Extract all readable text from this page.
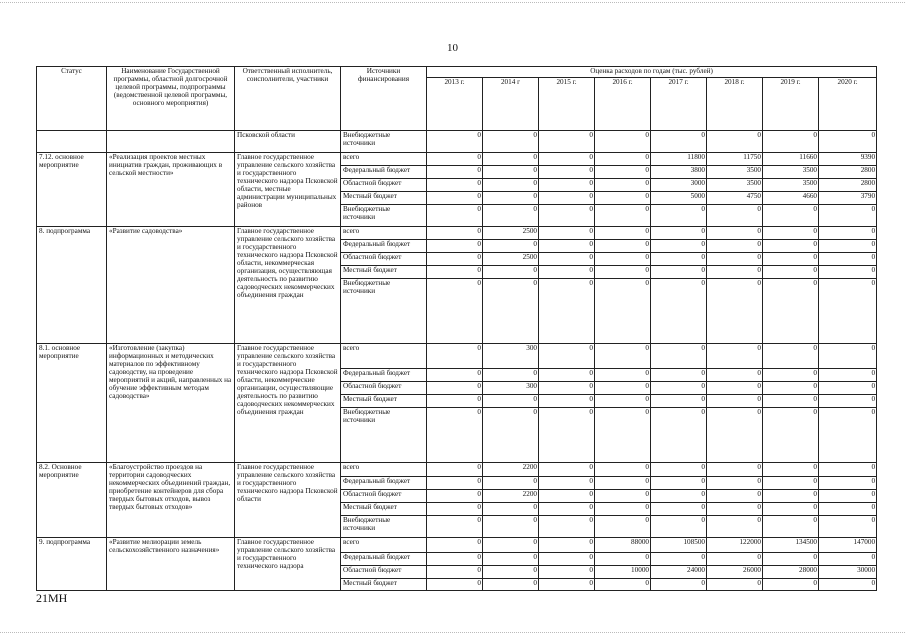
10
Статус	Наименование Государственной программы, областной долгосрочной целевой программы, подпрограммы (ведомственной целевой программы, основного мероприятия)	Ответственный исполнитель, соисполнители, участники	Источники финансирования	Оценка расходов по годам (тыс. рублей)							
				2013 г.	2014 г	2015 г.	2016 г.	2017 г.	2018 г.	2019 г.	2020 г.
		Псковской области	Внебюджетные источники	0	0	0	0	0	0	0	0
7.12. основное мероприятие	«Реализация проектов местных инициатив граждан, проживающих в сельской местности»	Главное государственное управление сельского хозяйства и государственного технического надзора Псковской области, местные администрации муниципальных районов	всего	0	0	0	0	11800	11750	11660	9390
			Федеральный бюджет	0	0	0	0	3800	3500	3500	2800
			Областной бюджет	0	0	0	0	3000	3500	3500	2800
			Местный бюджет	0	0	0	0	5000	4750	4660	3790
			Внебюджетные источники	0	0	0	0	0	0	0	0
8. подпрограмма	«Развитие садоводства»	Главное государственное управление сельского хозяйства и государственного технического надзора Псковской области, некоммерческая организация, осуществляющая деятельность по развитию садоводческих некоммерческих объединения граждан	всего	0	2500	0	0	0	0	0	0
			Федеральный бюджет	0	0	0	0	0	0	0	0
			Областной бюджет	0	2500	0	0	0	0	0	0
			Местный бюджет	0	0	0	0	0	0	0	0
			Внебюджетные источники	0	0	0	0	0	0	0	0
8.1. основное мероприятие	«Изготовление (закупка) информационных и методических материалов по эффективному садоводству, на проведение мероприятий и акций, направленных на обучение эффективным методам садоводства»	Главное государственное управление сельского хозяйства и государственного технического надзора Псковской области, некоммерческие организации, осуществляющие деятельность по развитию садоводческих некоммерческих объединения граждан	всего	0	300	0	0	0	0	0	0
			Федеральный бюджет	0	0	0	0	0	0	0	0
			Областной бюджет	0	300	0	0	0	0	0	0
			Местный бюджет	0	0	0	0	0	0	0	0
			Внебюджетные источники	0	0	0	0	0	0	0	0
8.2. Основное мероприятие	«Благоустройство проездов на территории садоводческих некоммерческих объединений граждан, приобретение контейнеров для сбора твердых бытовых отходов, вывоз твердых бытовых отходов»	Главное государственное управление сельского хозяйства и государственного технического надзора Псковской области	всего	0	2200	0	0	0	0	0	0
			Федеральный бюджет	0	0	0	0	0	0	0	0
			Областной бюджет	0	2200	0	0	0	0	0	0
			Местный бюджет	0	0	0	0	0	0	0	0
			Внебюджетные источники	0	0	0	0	0	0	0	0
9. подпрограмма	«Развитие мелиорации земель сельскохозяйственного назначения»	Главное государственное управление сельского хозяйства и государственного технического надзора	всего	0	0	0	88000	108500	122000	134500	147000
			Федеральный бюджет	0	0	0	0	0	0	0	0
			Областной бюджет	0	0	0	10000	24000	26000	28000	30000
			Местный бюджет	0	0	0	0	0	0	0	0
21МН
